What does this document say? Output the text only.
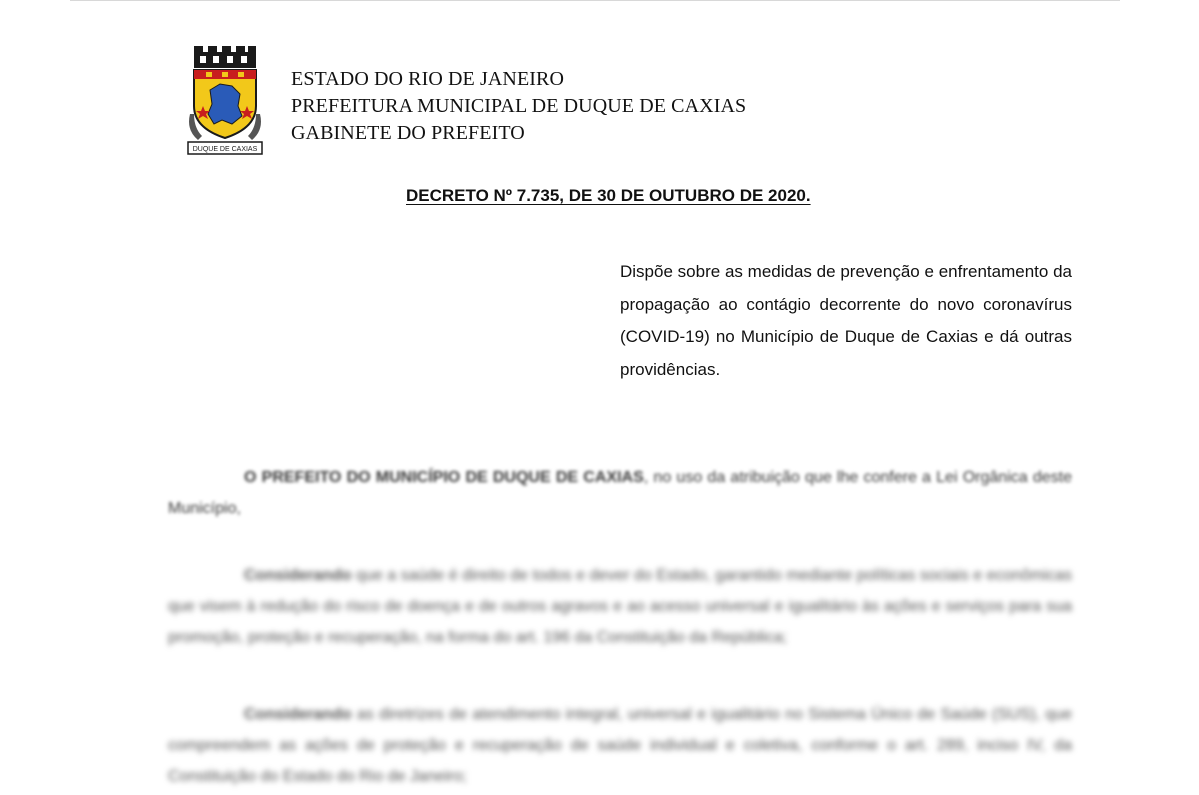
DUQUE DE CAXIAS
ESTADO DO RIO DE JANEIRO
PREFEITURA MUNICIPAL DE DUQUE DE CAXIAS
GABINETE DO PREFEITO
DECRETO Nº 7.735, DE 30 DE OUTUBRO DE 2020.
Dispõe sobre as medidas de prevenção e enfrentamento da propagação ao contágio decorrente do novo coronavírus (COVID-19) no Município de Duque de Caxias e dá outras providências.
O PREFEITO DO MUNICÍPIO DE DUQUE DE CAXIAS, no uso da atribuição que lhe confere a Lei Orgânica deste Município,
Considerando que a saúde é direito de todos e dever do Estado, garantido mediante políticas sociais e econômicas que visem à redução do risco de doença e de outros agravos e ao acesso universal e igualitário às ações e serviços para sua promoção, proteção e recuperação, na forma do art. 196 da Constituição da República;
Considerando as diretrizes de atendimento integral, universal e igualitário no Sistema Único de Saúde (SUS), que compreendem as ações de proteção e recuperação de saúde individual e coletiva, conforme o art. 289, inciso IV, da Constituição do Estado do Rio de Janeiro;
